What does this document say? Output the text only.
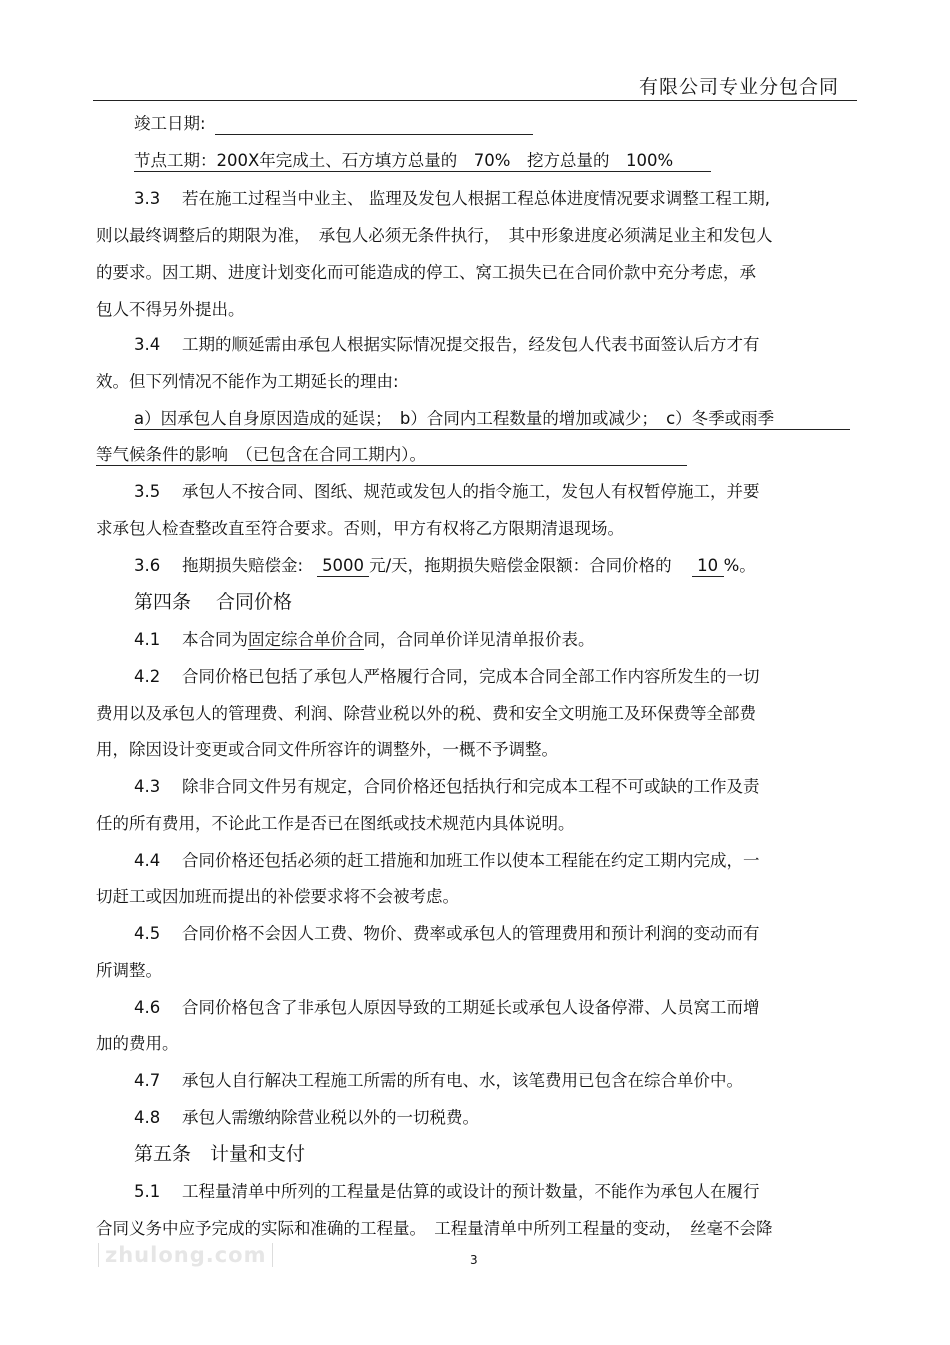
有限公司专业分包合同
竣工日期:
节点工期：200X年完成土、石方填方总量的　70%　挖方总量的　100%
3.3 若在施工过程当中业主、 监理及发包人根据工程总体进度情况要求调整工程工期,
则以最终调整后的期限为准，　承包人必须无条件执行，　其中形象进度必须满足业主和发包人
的要求。因工期、进度计划变化而可能造成的停工、窝工损失已在合同价款中充分考虑，承
包人不得另外提出。
3.4 工期的顺延需由承包人根据实际情况提交报告，经发包人代表书面签认后方才有
效。但下列情况不能作为工期延长的理由:
a）因承包人自身原因造成的延误；　b）合同内工程数量的增加或减少；　c）冬季或雨季
等气候条件的影响　（已包含在合同工期内）。
3.5 承包人不按合同、图纸、规范或发包人的指令施工，发包人有权暂停施工，并要
求承包人检查整改直至符合要求。否则，甲方有权将乙方限期清退现场。
3.6 拖期损失赔偿金: 5000 元/天，拖期损失赔偿金限额：合同价格的 10 %。
第四条　 合同价格
4.1 本合同为固定综合单价合同，合同单价详见清单报价表。
4.2 合同价格已包括了承包人严格履行合同，完成本合同全部工作内容所发生的一切
费用以及承包人的管理费、利润、除营业税以外的税、费和安全文明施工及环保费等全部费
用，除因设计变更或合同文件所容许的调整外，一概不予调整。
4.3 除非合同文件另有规定，合同价格还包括执行和完成本工程不可或缺的工作及责
任的所有费用，不论此工作是否已在图纸或技术规范内具体说明。
4.4 合同价格还包括必须的赶工措施和加班工作以使本工程能在约定工期内完成，一
切赶工或因加班而提出的补偿要求将不会被考虑。
4.5 合同价格不会因人工费、物价、费率或承包人的管理费用和预计利润的变动而有
所调整。
4.6 合同价格包含了非承包人原因导致的工期延长或承包人设备停滞、人员窝工而增
加的费用。
4.7 承包人自行解决工程施工所需的所有电、水，该笔费用已包含在综合单价中。
4.8 承包人需缴纳除营业税以外的一切税费。
第五条　计量和支付
5.1 工程量清单中所列的工程量是估算的或设计的预计数量，不能作为承包人在履行
合同义务中应予完成的实际和准确的工程量。　工程量清单中所列工程量的变动，　丝毫不会降
zhulong.com	3
